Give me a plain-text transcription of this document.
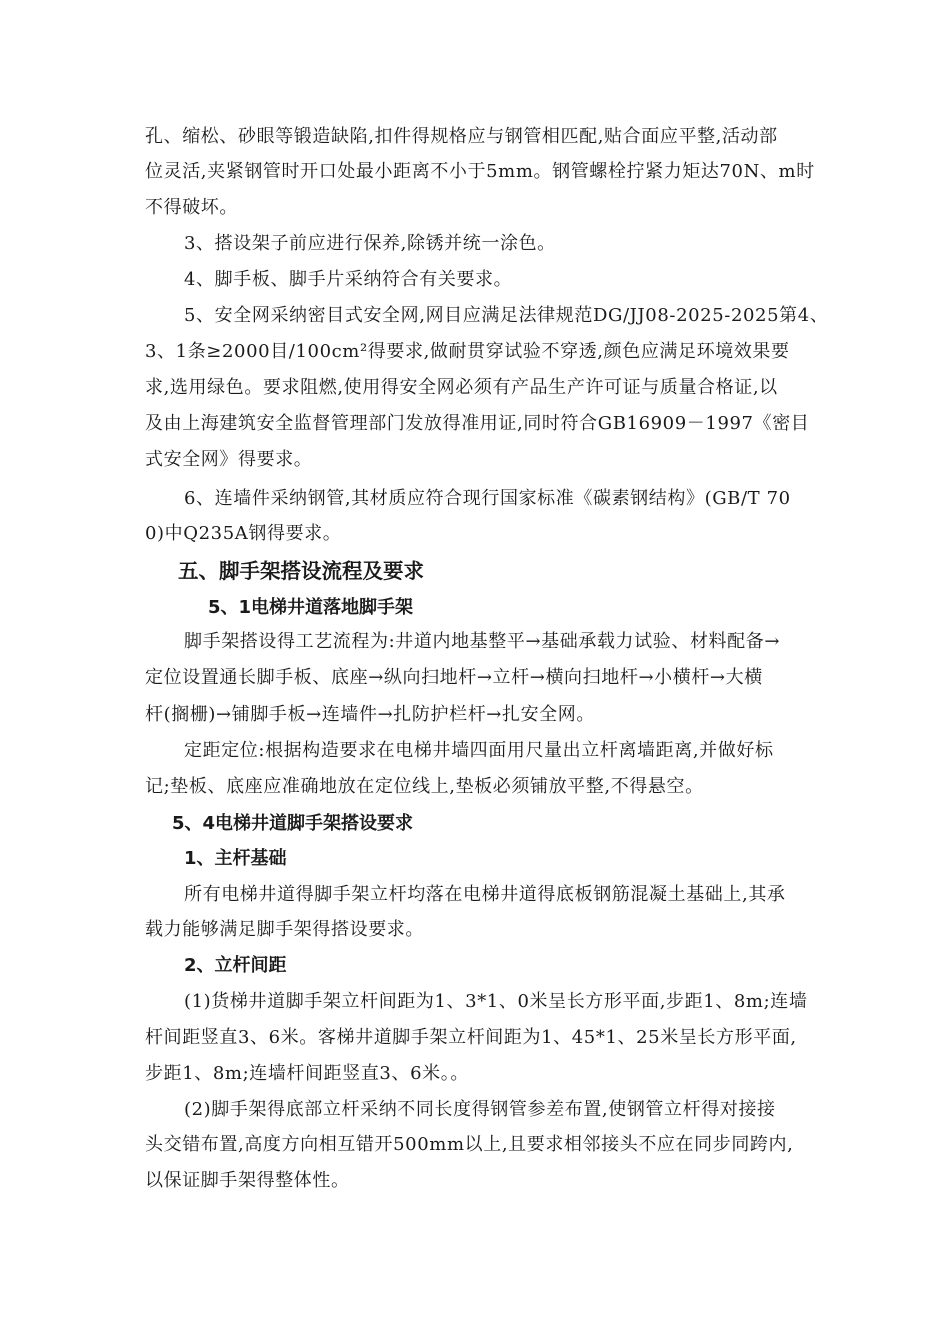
孔、缩松、砂眼等锻造缺陷,扣件得规格应与钢管相匹配,贴合面应平整,活动部
位灵活,夹紧钢管时开口处最小距离不小于5mm。钢管螺栓拧紧力矩达70N、m时
不得破坏。
3、搭设架子前应进行保养,除锈并统一涂色。
4、脚手板、脚手片采纳符合有关要求。
5、安全网采纳密目式安全网,网目应满足法律规范DG/JJ08-2025-2025第4、
3、1条≥2000目/100cm²得要求,做耐贯穿试验不穿透,颜色应满足环境效果要
求,选用绿色。要求阻燃,使用得安全网必须有产品生产许可证与质量合格证,以
及由上海建筑安全监督管理部门发放得准用证,同时符合GB16909－1997《密目
式安全网》得要求。
6、连墙件采纳钢管,其材质应符合现行国家标准《碳素钢结构》(GB/T 70
0)中Q235A钢得要求。
五、脚手架搭设流程及要求
5、1电梯井道落地脚手架
脚手架搭设得工艺流程为:井道内地基整平→基础承载力试验、材料配备→
定位设置通长脚手板、底座→纵向扫地杆→立杆→横向扫地杆→小横杆→大横
杆(搁栅)→铺脚手板→连墙件→扎防护栏杆→扎安全网。
定距定位:根据构造要求在电梯井墙四面用尺量出立杆离墙距离,并做好标
记;垫板、底座应准确地放在定位线上,垫板必须铺放平整,不得悬空。
5、4电梯井道脚手架搭设要求
1、主杆基础
所有电梯井道得脚手架立杆均落在电梯井道得底板钢筋混凝土基础上,其承
载力能够满足脚手架得搭设要求。
2、立杆间距
(1)货梯井道脚手架立杆间距为1、3*1、0米呈长方形平面,步距1、8m;连墙
杆间距竖直3、6米。客梯井道脚手架立杆间距为1、45*1、25米呈长方形平面,
步距1、8m;连墙杆间距竖直3、6米。。
(2)脚手架得底部立杆采纳不同长度得钢管参差布置,使钢管立杆得对接接
头交错布置,高度方向相互错开500mm以上,且要求相邻接头不应在同步同跨内,
以保证脚手架得整体性。
